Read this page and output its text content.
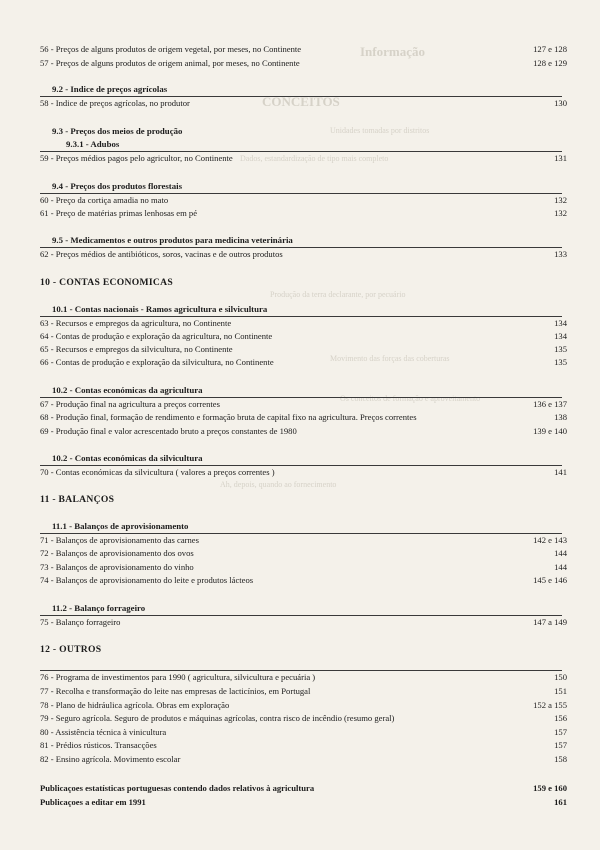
Informação
CONCEITOS
Unidades tomadas por distritos
Dados, estandardização de tipo mais completo
Produção da terra declarante, por pecuário
Movimento das forças das coberturas
Os conceitos de formação e aproveitamento
Ah, depois, quando ao fornecimento
56 - Preços de alguns produtos de origem vegetal, por meses, no Continente	127 e 128
57 - Preços de alguns produtos de origem animal, por meses, no Continente	128 e 129
9.2 - Indice de preços agrícolas
58 - Indice de preços agrícolas, no produtor	130
9.3 - Preços dos meios de produção
9.3.1 - Adubos
59 - Preços médios pagos pelo agricultor, no Continente	131
9.4 - Preços dos produtos florestais
60 - Preço da cortiça amadia no mato	132
61 - Preço de matérias primas lenhosas em pé	132
9.5 - Medicamentos e outros produtos para medicina veterinária
62 - Preços médios de antibióticos, soros, vacinas e de outros produtos	133
10 - CONTAS ECONOMICAS
10.1 - Contas nacionais - Ramos agricultura e silvicultura
63 - Recursos e empregos da agricultura, no Continente	134
64 - Contas de produção e exploração da agricultura, no Continente	134
65 - Recursos e empregos da silvicultura, no Continente	135
66 - Contas de produção e exploração da silvicultura, no Continente	135
10.2 - Contas económicas da agricultura
67 - Produção final na agricultura a preços correntes	136 e 137
68 - Produção final, formação de rendimento e formação bruta de capital fixo na agricultura. Preços correntes	138
69 - Produção final e valor acrescentado bruto a preços constantes de 1980	139 e 140
10.2 - Contas económicas da silvicultura
70 - Contas económicas da silvicultura ( valores a preços correntes )	141
11 - BALANÇOS
11.1 - Balanços de aprovisionamento
71 - Balanços de aprovisionamento das carnes	142 e 143
72 - Balanços de aprovisionamento dos ovos	144
73 - Balanços de aprovisionamento do vinho	144
74 - Balanços de aprovisionamento do leite e produtos lácteos	145 e 146
11.2 - Balanço forrageiro
75 - Balanço forrageiro	147 a 149
12 - OUTROS
76 - Programa de investimentos para 1990 ( agricultura, silvicultura e pecuária )	150
77 - Recolha e transformação do leite nas empresas de lacticínios, em Portugal	151
78 - Plano de hidráulica agrícola. Obras em exploração	152 a 155
79 - Seguro agrícola. Seguro de produtos e máquinas agrícolas, contra risco de incêndio (resumo geral)	156
80 - Assistência técnica à vinicultura	157
81 - Prédios rústicos. Transacções	157
82 - Ensino agrícola. Movimento escolar	158
Publicaçoes estatísticas portuguesas contendo dados relativos à agricultura	159 e 160
Publicaçoes a editar em 1991	161
